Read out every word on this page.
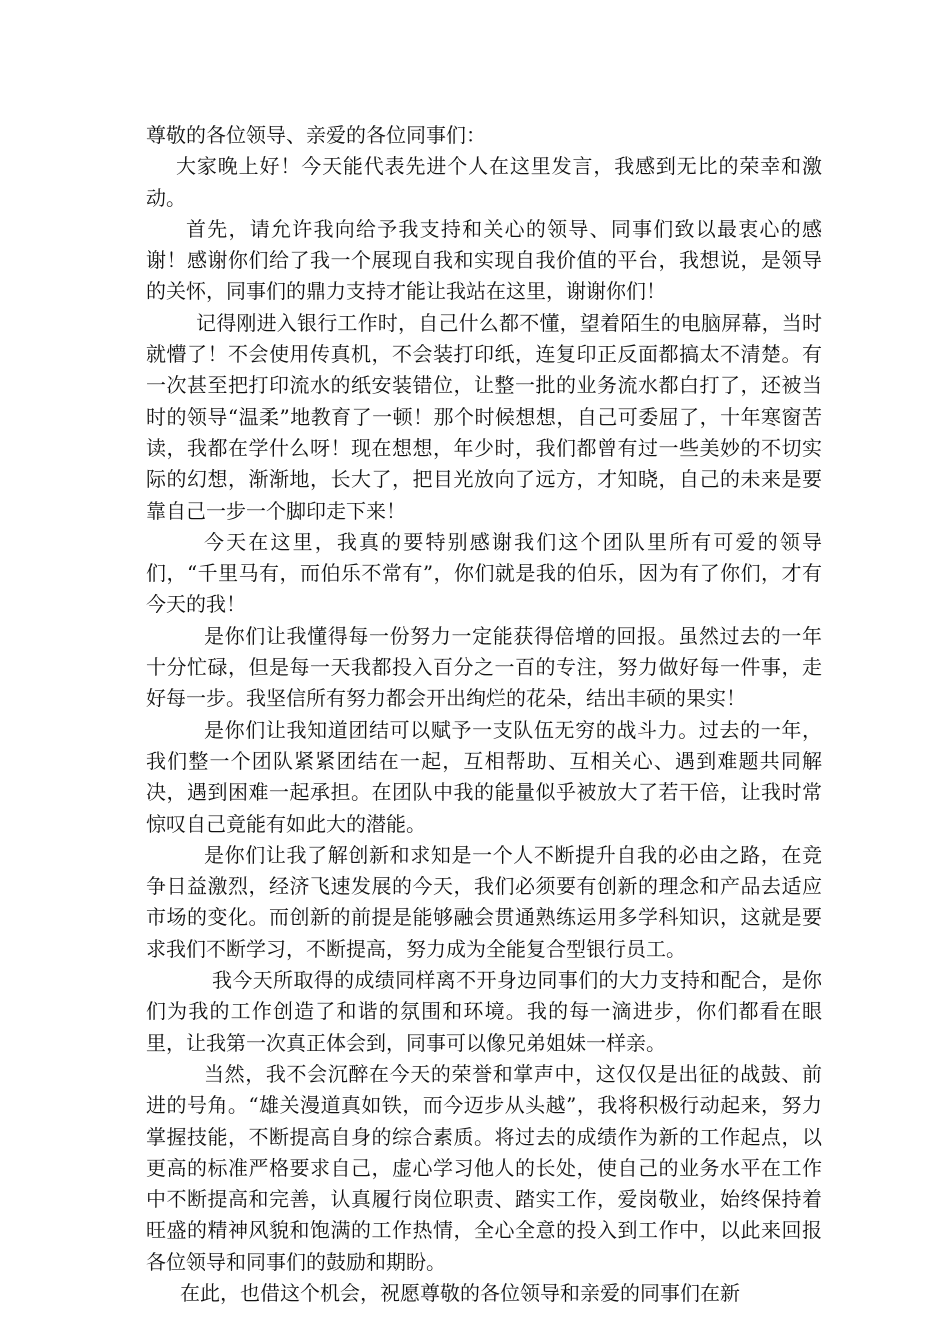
尊敬的各位领导、亲爱的各位同事们：

大家晚上好！今天能代表先进个人在这里发言，我感到无比的荣幸和激动。

首先，请允许我向给予我支持和关心的领导、同事们致以最衷心的感谢！感谢你们给了我一个展现自我和实现自我价值的平台，我想说，是领导的关怀，同事们的鼎力支持才能让我站在这里，谢谢你们！

记得刚进入银行工作时，自己什么都不懂，望着陌生的电脑屏幕，当时就懵了！不会使用传真机，不会装打印纸，连复印正反面都搞太不清楚。有一次甚至把打印流水的纸安装错位，让整一批的业务流水都白打了，还被当时的领导“温柔”地教育了一顿！那个时候想想，自己可委屈了，十年寒窗苦读，我都在学什么呀！现在想想，年少时，我们都曾有过一些美妙的不切实际的幻想，渐渐地，长大了，把目光放向了远方，才知晓，自己的未来是要靠自己一步一个脚印走下来！

今天在这里，我真的要特别感谢我们这个团队里所有可爱的领导们，“千里马有，而伯乐不常有”，你们就是我的伯乐，因为有了你们，才有今天的我！

是你们让我懂得每一份努力一定能获得倍增的回报。虽然过去的一年十分忙碌，但是每一天我都投入百分之一百的专注，努力做好每一件事，走好每一步。我坚信所有努力都会开出绚烂的花朵，结出丰硕的果实！

是你们让我知道团结可以赋予一支队伍无穷的战斗力。过去的一年，我们整一个团队紧紧团结在一起，互相帮助、互相关心、遇到难题共同解决，遇到困难一起承担。在团队中我的能量似乎被放大了若干倍，让我时常惊叹自己竟能有如此大的潜能。

是你们让我了解创新和求知是一个人不断提升自我的必由之路，在竞争日益激烈，经济飞速发展的今天，我们必须要有创新的理念和产品去适应市场的变化。而创新的前提是能够融会贯通熟练运用多学科知识，这就是要求我们不断学习，不断提高，努力成为全能复合型银行员工。

我今天所取得的成绩同样离不开身边同事们的大力支持和配合，是你们为我的工作创造了和谐的氛围和环境。我的每一滴进步，你们都看在眼里，让我第一次真正体会到，同事可以像兄弟姐妹一样亲。

当然，我不会沉醉在今天的荣誉和掌声中，这仅仅是出征的战鼓、前进的号角。“雄关漫道真如铁，而今迈步从头越”，我将积极行动起来，努力掌握技能，不断提高自身的综合素质。将过去的成绩作为新的工作起点，以更高的标准严格要求自己，虚心学习他人的长处，使自己的业务水平在工作中不断提高和完善，认真履行岗位职责、踏实工作，爱岗敬业，始终保持着旺盛的精神风貌和饱满的工作热情，全心全意的投入到工作中，以此来回报各位领导和同事们的鼓励和期盼。

在此，也借这个机会，祝愿尊敬的各位领导和亲爱的同事们在新
